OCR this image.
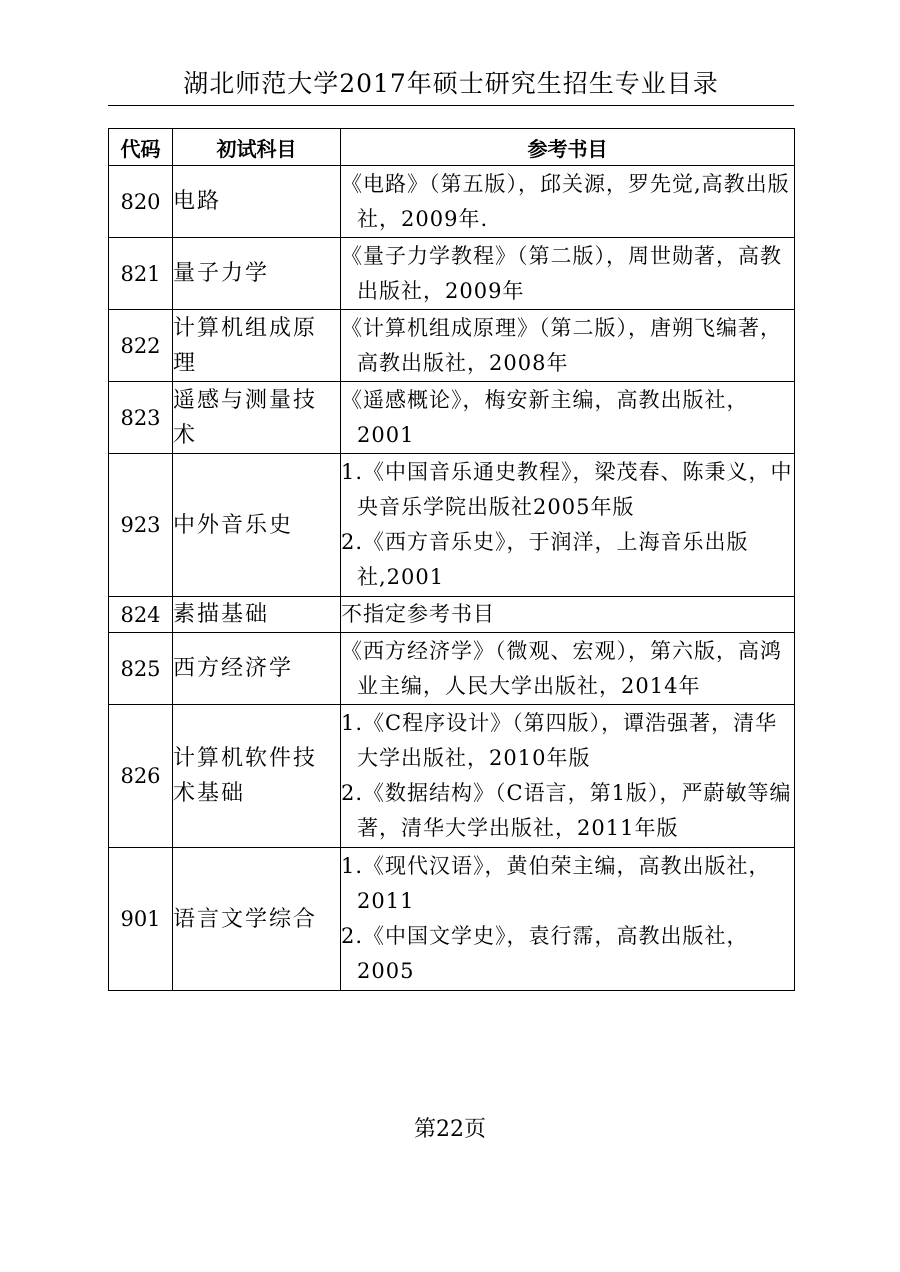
湖北师范大学2017年硕士研究生招生专业目录
代码	初试科目	参考书目
820	电路	《电路》（第五版），邱关源，罗先觉,高教出版社，2009年.

821	量子力学	《量子力学教程》（第二版），周世勋著，高教出版社，2009年

822	计算机组成原理	《计算机组成原理》（第二版），唐朔飞编著，高教出版社，2008年

823	遥感与测量技术	《遥感概论》，梅安新主编，高教出版社，2001

923	中外音乐史	1.《中国音乐通史教程》，梁茂春、陈秉义，中央音乐学院出版社2005年版
2.《西方音乐史》，于润洋，上海音乐出版社,2001

824	素描基础	不指定参考书目

825	西方经济学	《西方经济学》（微观、宏观），第六版，高鸿业主编，人民大学出版社，2014年

826	计算机软件技术基础	1.《C程序设计》（第四版），谭浩强著，清华大学出版社，2010年版
2.《数据结构》（C语言，第1版），严蔚敏等编著，清华大学出版社，2011年版

901	语言文学综合	1.《现代汉语》，黄伯荣主编，高教出版社，2011
2.《中国文学史》，袁行霈，高教出版社，2005
第22页
